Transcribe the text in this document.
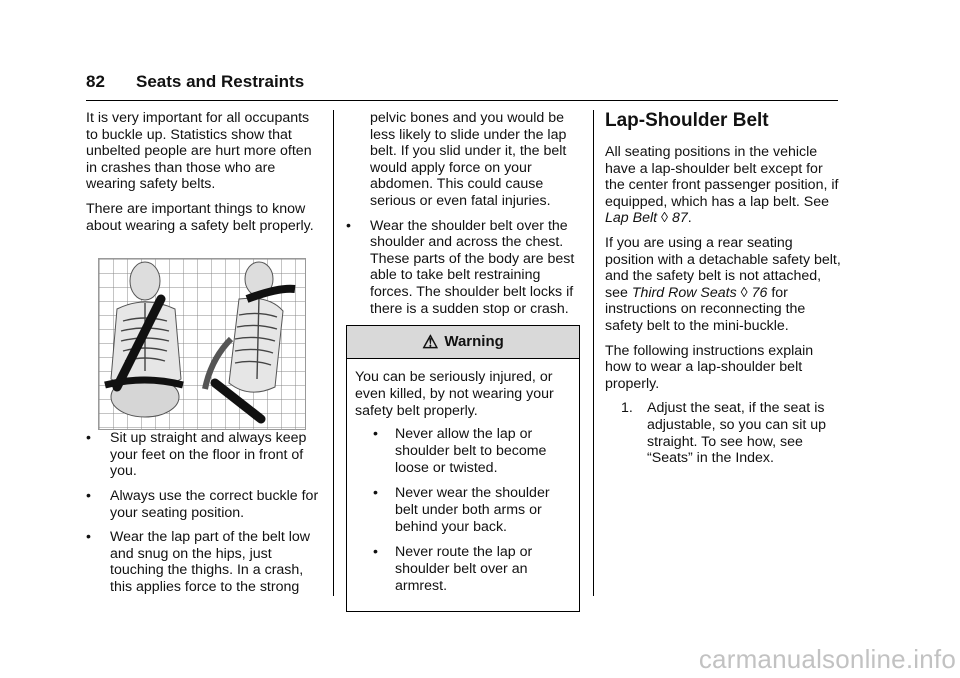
82 Seats and Restraints

It is very important for all occupants to buckle up. Statistics show that unbelted people are hurt more often in crashes than those who are wearing safety belts.

There are important things to know about wearing a safety belt properly.

• Sit up straight and always keep your feet on the floor in front of you.
• Always use the correct buckle for your seating position.
• Wear the lap part of the belt low and snug on the hips, just touching the thighs. In a crash, this applies force to the strong

pelvic bones and you would be less likely to slide under the lap belt. If you slid under it, the belt would apply force on your abdomen. This could cause serious or even fatal injuries.

• Wear the shoulder belt over the shoulder and across the chest. These parts of the body are best able to take belt restraining forces. The shoulder belt locks if there is a sudden stop or crash.
⚠ Warning
You can be seriously injured, or even killed, by not wearing your safety belt properly.
• Never allow the lap or shoulder belt to become loose or twisted.
• Never wear the shoulder belt under both arms or behind your back.
• Never route the lap or shoulder belt over an armrest.
Lap-Shoulder Belt

All seating positions in the vehicle have a lap-shoulder belt except for the center front passenger position, if equipped, which has a lap belt. See Lap Belt ◊ 87.

If you are using a rear seating position with a detachable safety belt, and the safety belt is not attached, see Third Row Seats ◊ 76 for instructions on reconnecting the safety belt to the mini-buckle.

The following instructions explain how to wear a lap-shoulder belt properly.

1. Adjust the seat, if the seat is adjustable, so you can sit up straight. To see how, see “Seats” in the Index.
carmanualsonline.info
